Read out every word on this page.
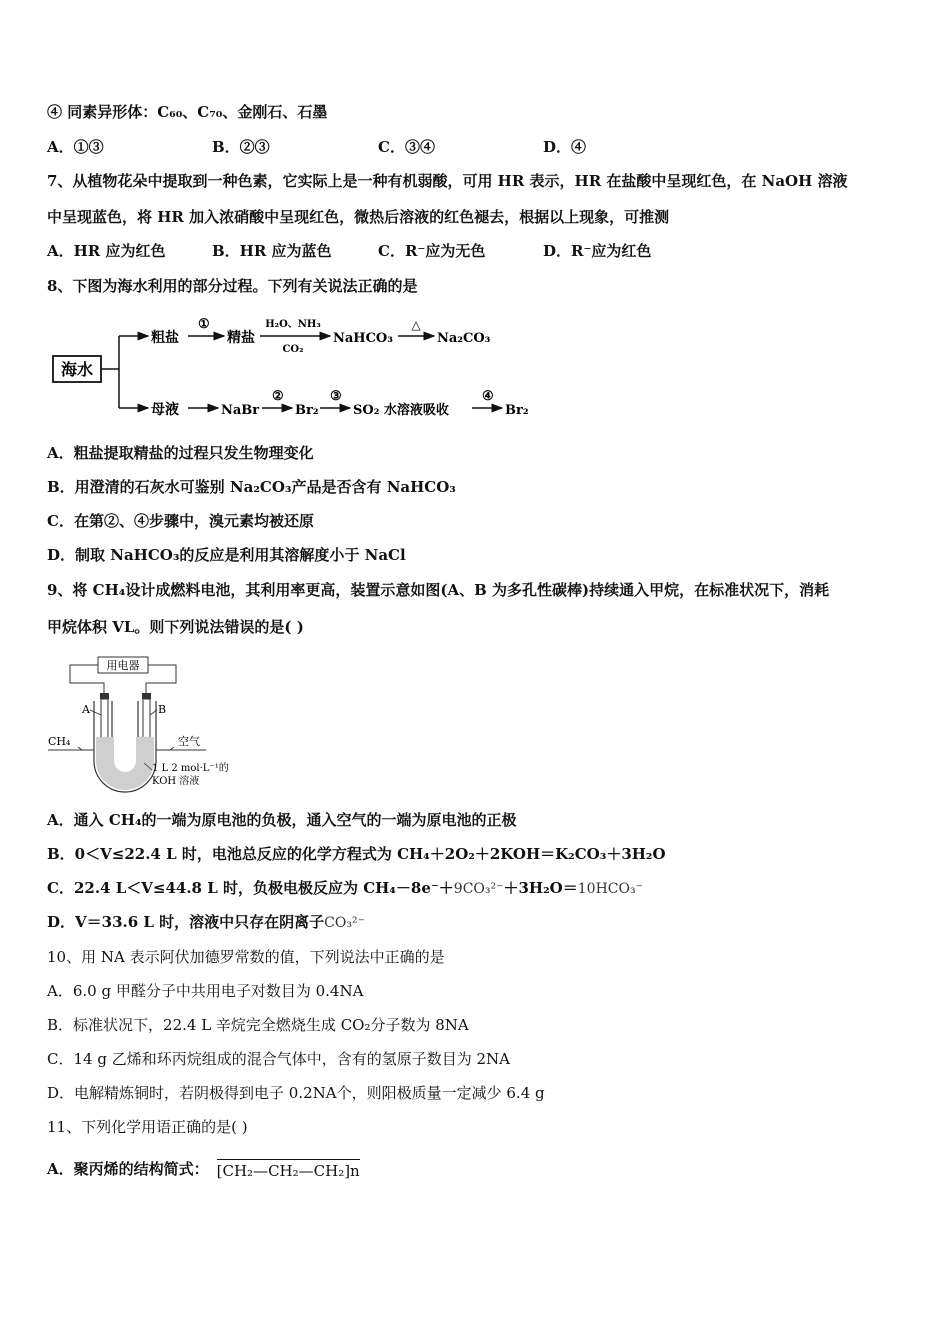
④ 同素异形体：C₆₀、C₇₀、金刚石、石墨
A．①③	B．②③	C．③④	D．④
7、从植物花朵中提取到一种色素，它实际上是一种有机弱酸，可用 HR 表示，HR 在盐酸中呈现红色，在 NaOH 溶液
中呈现蓝色，将 HR 加入浓硝酸中呈现红色，微热后溶液的红色褪去，根据以上现象，可推测
A．HR 应为红色	B．HR 应为蓝色	C．R⁻应为无色	D．R⁻应为红色
8、下图为海水利用的部分过程。下列有关说法正确的是
海水
粗盐
①
精盐
H₂O、NH₃
CO₂
NaHCO₃
△
Na₂CO₃
母液	NaBr
②
Br₂
③
SO₂ 水溶液吸收
④
Br₂
A．粗盐提取精盐的过程只发生物理变化
B．用澄清的石灰水可鉴别 Na₂CO₃产品是否含有 NaHCO₃
C．在第②、④步骤中，溴元素均被还原
D．制取 NaHCO₃的反应是利用其溶解度小于 NaCl
9、将 CH₄设计成燃料电池，其利用率更高，装置示意如图(A、B 为多孔性碳棒)持续通入甲烷，在标准状况下，消耗
甲烷体积 VL。则下列说法错误的是( )
用电器
A	B
CH₄	空气
1 L 2 mol·L⁻¹的
KOH 溶液
A．通入 CH₄的一端为原电池的负极，通入空气的一端为原电池的正极
B．0＜V≤22.4 L 时，电池总反应的化学方程式为 CH₄＋2O₂＋2KOH＝K₂CO₃＋3H₂O
C．22.4 L＜V≤44.8 L 时，负极电极反应为 CH₄－8e⁻＋9CO₃²⁻＋3H₂O＝10HCO₃⁻
D．V＝33.6 L 时，溶液中只存在阴离子CO₃²⁻
10、用 NA 表示阿伏加德罗常数的值，下列说法中正确的是
A．6.0 g 甲醛分子中共用电子对数目为 0.4NA
B．标准状况下，22.4 L 辛烷完全燃烧生成 CO₂分子数为 8NA
C．14 g 乙烯和环丙烷组成的混合气体中，含有的氢原子数目为 2NA
D．电解精炼铜时，若阴极得到电子 0.2NA个，则阳极质量一定减少 6.4 g
11、下列化学用语正确的是( )
A．聚丙烯的结构简式： [CH₂—CH₂—CH₂]n
